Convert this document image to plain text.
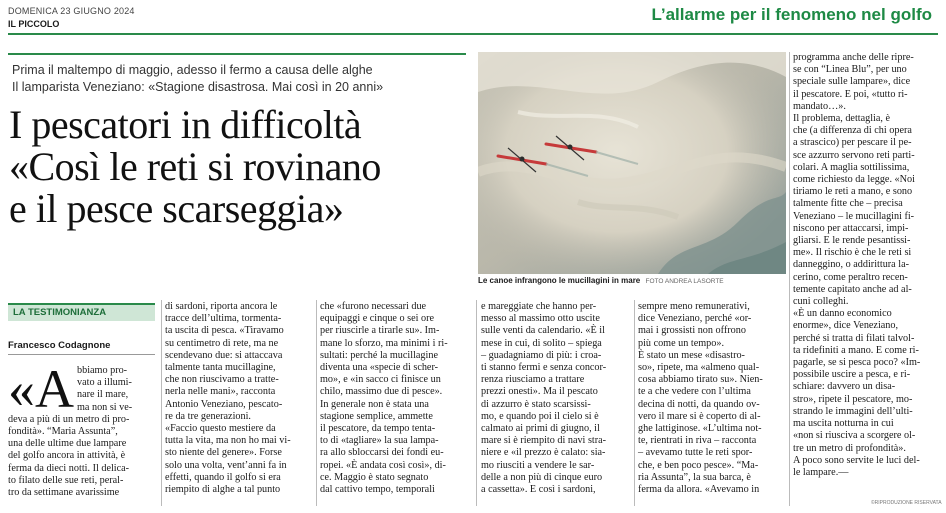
DOMENICA 23 GIUGNO 2024
IL PICCOLO	L’allarme per il fenomeno nel golfo
Prima il maltempo di maggio, adesso il fermo a causa delle alghe
Il lamparista Veneziano: «Stagione disastrosa. Mai così in 20 anni»
I pescatori in difficoltà
«Così le reti si rovinano
e il pesce scarseggia»
Le canoe infrangono le mucillagini in mare FOTO ANDREA LASORTE
LA TESTIMONIANZA
Francesco Codagnone
«A bbiamo pro-
vato a illumi-
nare il mare,
ma non si ve-
deva a più di un metro di pro-
fondità». “Maria Assunta”,
una delle ultime due lampare
del golfo ancora in attività, è
ferma da dieci notti. Il delica-
to filato delle sue reti, peral-
tro da settimane avarissime
di sardoni, riporta ancora le
tracce dell’ultima, tormenta-
ta uscita di pesca. «Tiravamo
su centimetro di rete, ma ne
scendevano due: si attaccava
talmente tanta mucillagine,
che non riuscivamo a tratte-
nerla nelle mani», racconta
Antonio Veneziano, pescato-
re da tre generazioni.
«Faccio questo mestiere da
tutta la vita, ma non ho mai vi-
sto niente del genere». Forse
solo una volta, vent’anni fa in
effetti, quando il golfo si era
riempito di alghe a tal punto
che «furono necessari due
equipaggi e cinque o sei ore
per riuscirle a tirarle su». Im-
mane lo sforzo, ma minimi i ri-
sultati: perché la mucillagine
diventa una «specie di scher-
mo», e «in sacco ci finisce un
chilo, massimo due di pesce».
In generale non è stata una
stagione semplice, ammette
il pescatore, da tempo tenta-
to di «tagliare» la sua lampa-
ra allo sbloccarsi dei fondi eu-
ropei. «È andata così così», di-
ce. Maggio è stato segnato
dal cattivo tempo, temporali
e mareggiate che hanno per-
messo al massimo otto uscite
sulle venti da calendario. «È il
mese in cui, di solito – spiega
– guadagniamo di più: i croa-
ti stanno fermi e senza concor-
renza riusciamo a trattare
prezzi onesti». Ma il pescato
di azzurro è stato scarsissi-
mo, e quando poi il cielo si è
calmato ai primi di giugno, il
mare si è riempito di navi stra-
niere e «il prezzo è calato: sia-
mo riusciti a vendere le sar-
delle a non più di cinque euro
a cassetta». E così i sardoni,
sempre meno remunerativi,
dice Veneziano, perché «or-
mai i grossisti non offrono
più come un tempo».
È stato un mese «disastro-
so», ripete, ma «almeno qual-
cosa abbiamo tirato su». Nien-
te a che vedere con l’ultima
decina di notti, da quando ov-
vero il mare si è coperto di al-
ghe lattiginose. «L’ultima not-
te, rientrati in riva – racconta
– avevamo tutte le reti spor-
che, e ben poco pesce». “Ma-
ria Assunta”, la sua barca, è
ferma da allora. «Avevamo in
programma anche delle ripre-
se con “Linea Blu”, per uno
speciale sulle lampare», dice
il pescatore. E poi, «tutto ri-
mandato…».
Il problema, dettaglia, è
che (a differenza di chi opera
a strascico) per pescare il pe-
sce azzurro servono reti parti-
colari. A maglia sottilissima,
come richiesto da legge. «Noi
tiriamo le reti a mano, e sono
talmente fitte che – precisa
Veneziano – le mucillagini fi-
niscono per attaccarsi, impi-
gliarsi. E le rende pesantissi-
me». Il rischio è che le reti si
danneggino, o addirittura la-
cerino, come peraltro recen-
temente capitato anche ad al-
cuni colleghi.
«È un danno economico
enorme», dice Veneziano,
perché si tratta di filati talvol-
ta ridefiniti a mano. E come ri-
pagarle, se si pesca poco? «Im-
possibile uscire a pesca, e ri-
schiare: davvero un disa-
stro», ripete il pescatore, mo-
strando le immagini dell’ulti-
ma uscita notturna in cui
«non si riusciva a scorgere ol-
tre un metro di profondità».
A poco sono servite le luci del-
le lampare.—
©RIPRODUZIONE RISERVATA
